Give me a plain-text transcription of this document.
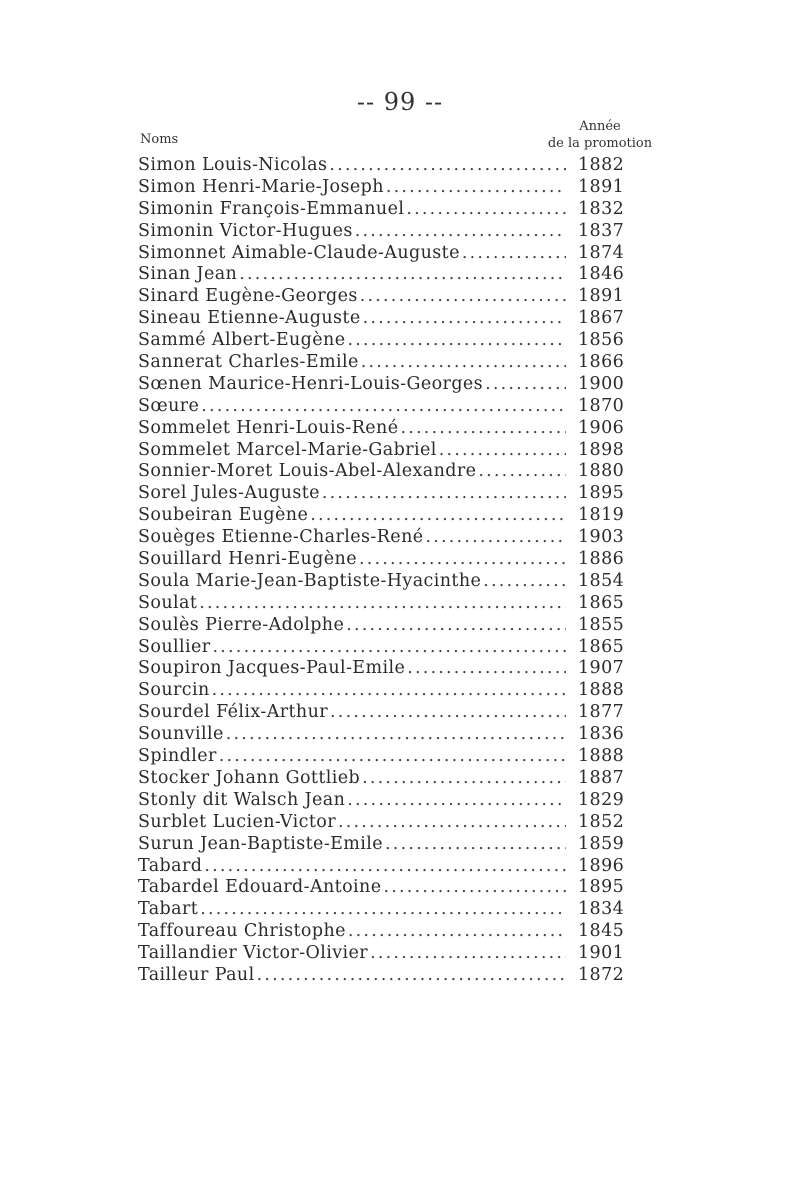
-- 99 --
Noms
Année
de la promotion
Simon Louis-Nicolas .....	1882
Simon Henri-Marie-Joseph .....	1891
Simonin François-Emmanuel .....	1832
Simonin Victor-Hugues .....	1837
Simonnet Aimable-Claude-Auguste .....	1874
Sinan Jean .....	1846
Sinard Eugène-Georges .....	1891
Sineau Etienne-Auguste .....	1867
Sammé Albert-Eugène .....	1856
Sannerat Charles-Emile .....	1866
Sœnen Maurice-Henri-Louis-Georges .....	1900
Sœure .....	1870
Sommelet Henri-Louis-René .....	1906
Sommelet Marcel-Marie-Gabriel .....	1898
Sonnier-Moret Louis-Abel-Alexandre .....	1880
Sorel Jules-Auguste .....	1895
Soubeiran Eugène .....	1819
Souèges Etienne-Charles-René .....	1903
Souillard Henri-Eugène .....	1886
Soula Marie-Jean-Baptiste-Hyacinthe .....	1854
Soulat .....	1865
Soulès Pierre-Adolphe .....	1855
Soullier .....	1865
Soupiron Jacques-Paul-Emile .....	1907
Sourcin .....	1888
Sourdel Félix-Arthur .....	1877
Sounville .....	1836
Spindler .....	1888
Stocker Johann Gottlieb .....	1887
Stonly dit Walsch Jean .....	1829
Surblet Lucien-Victor .....	1852
Surun Jean-Baptiste-Emile .....	1859
Tabard .....	1896
Tabardel Edouard-Antoine .....	1895
Tabart .....	1834
Taffoureau Christophe .....	1845
Taillandier Victor-Olivier .....	1901
Tailleur Paul .....	1872
